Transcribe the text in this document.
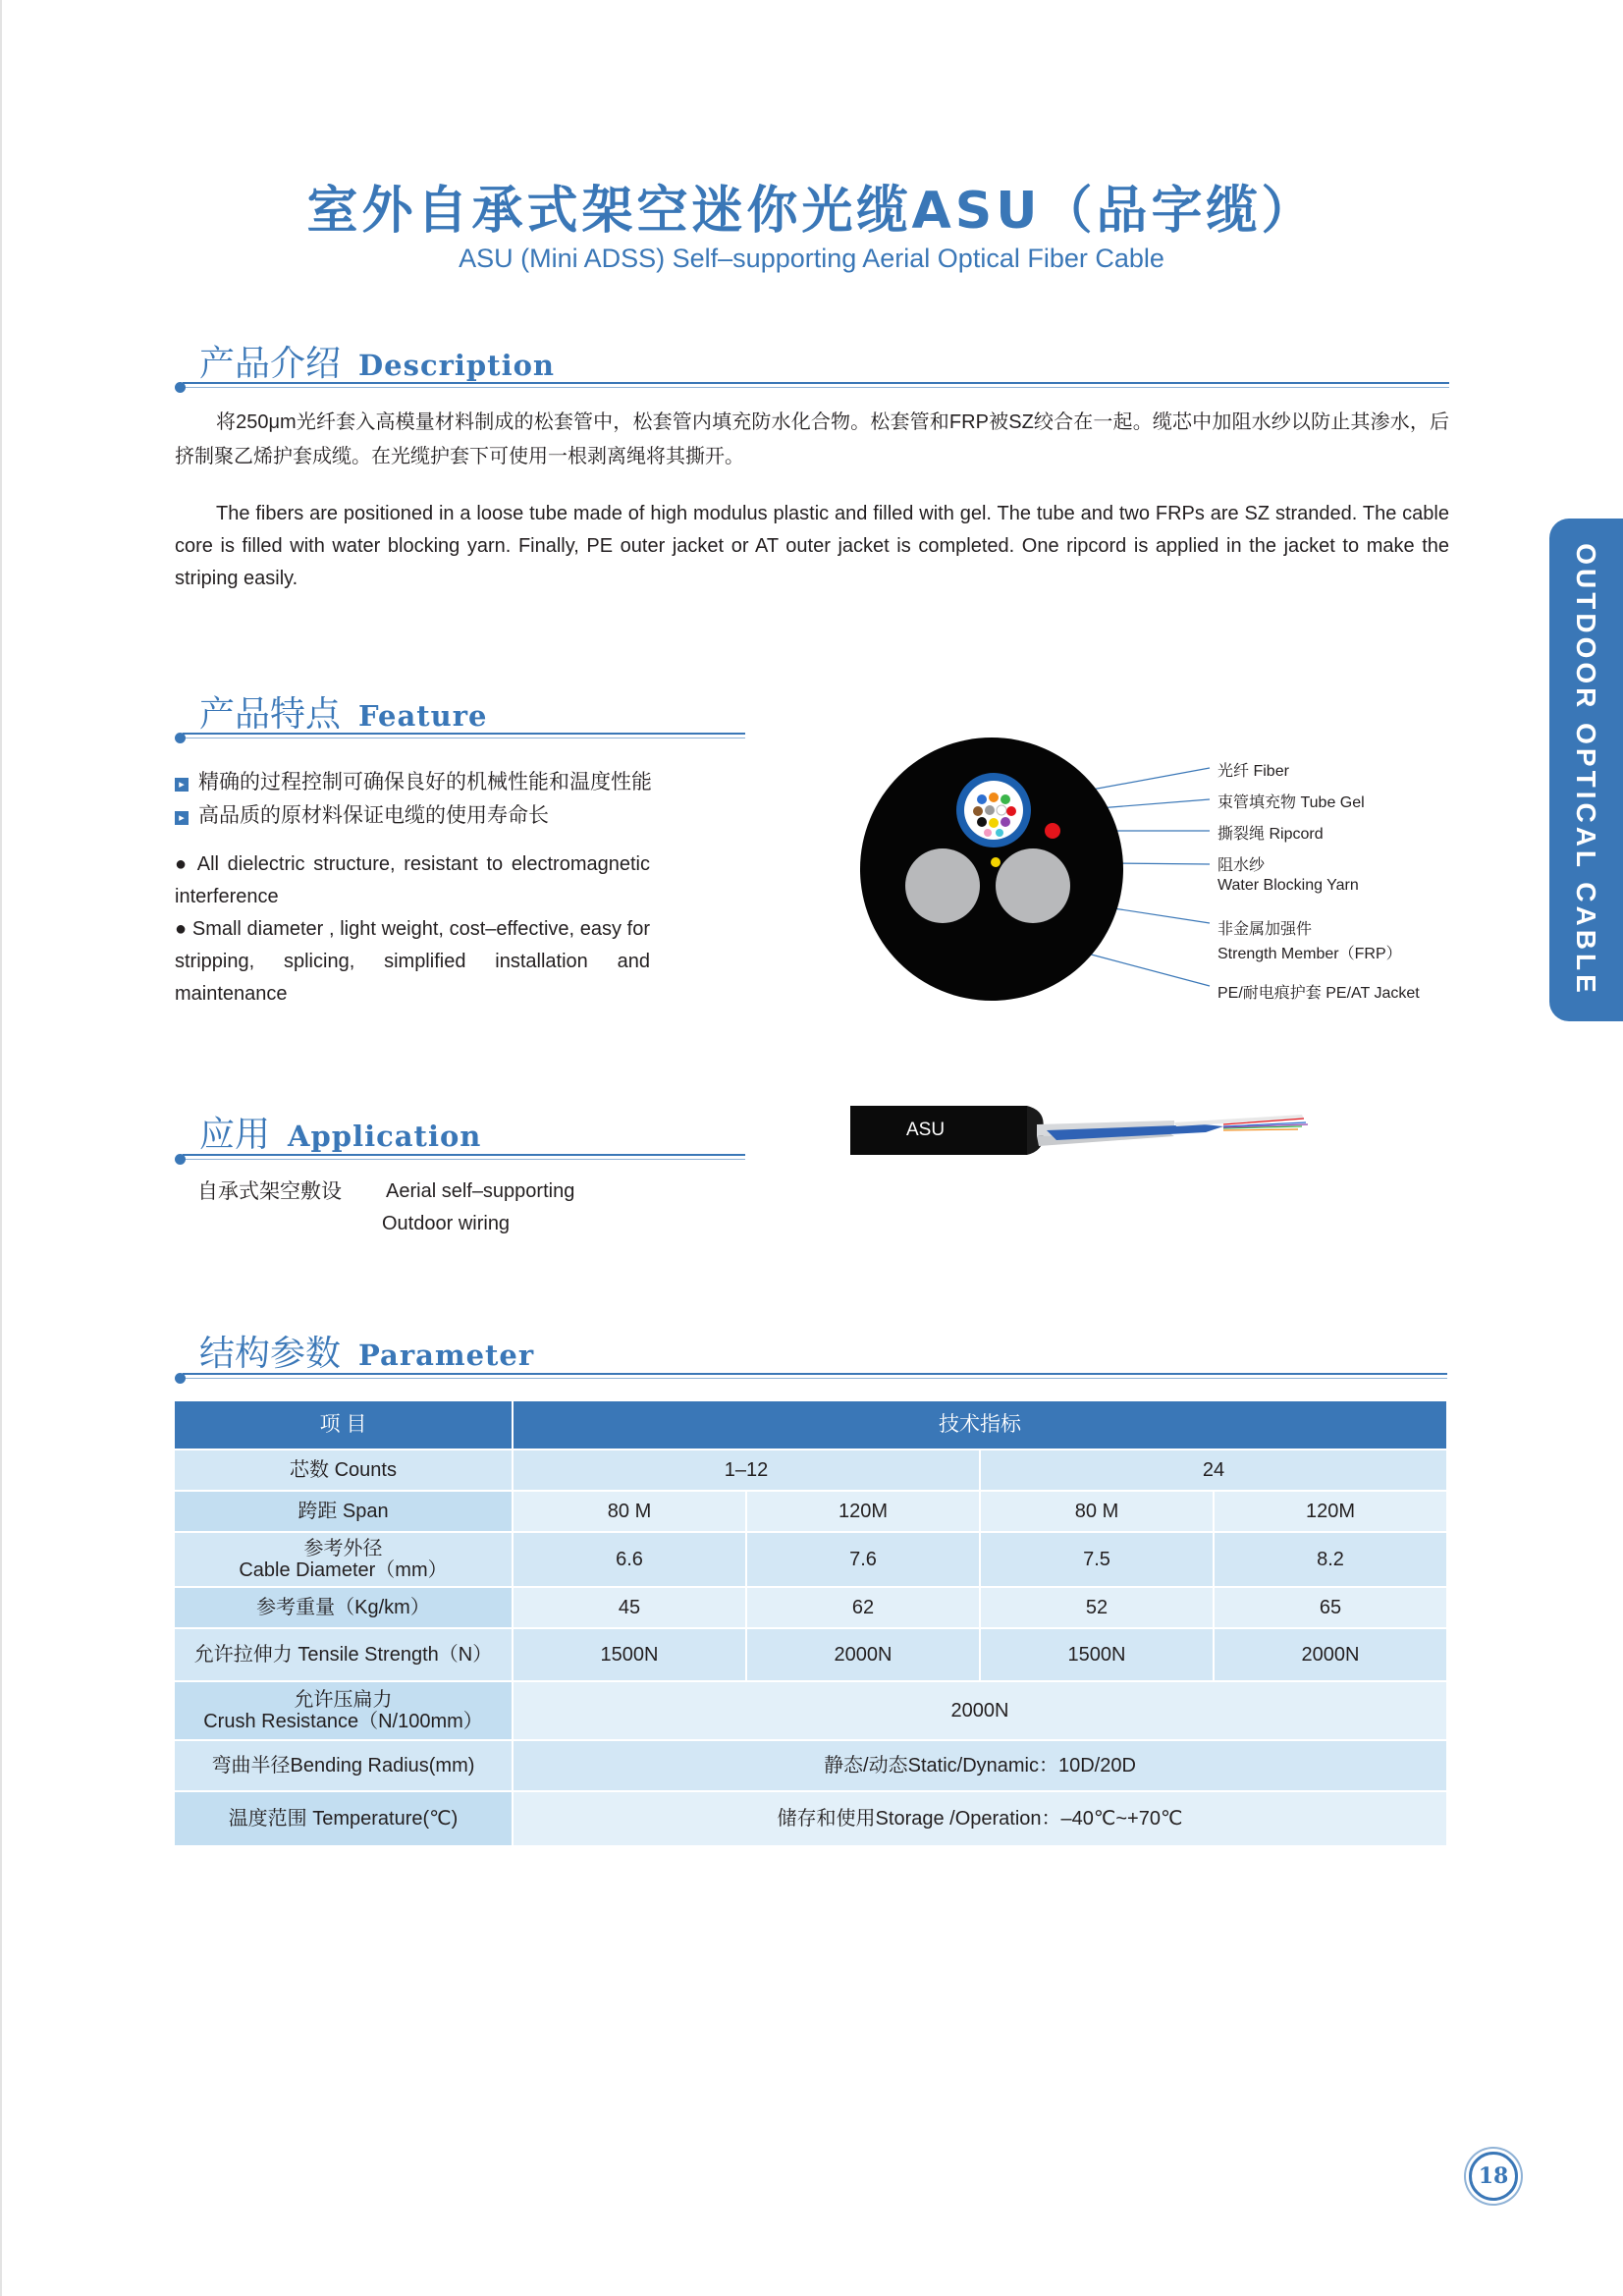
室外自承式架空迷你光缆ASU（品字缆）
ASU (Mini ADSS) Self–supporting Aerial Optical Fiber Cable
OUTDOOR OPTICAL CABLE
产品介绍 Description
将250μm光纤套入高模量材料制成的松套管中，松套管内填充防水化合物。松套管和FRP被SZ绞合在一起。缆芯中加阻水纱以防止其渗水，后挤制聚乙烯护套成缆。在光缆护套下可使用一根剥离绳将其撕开。
The fibers are positioned in a loose tube made of high modulus plastic and filled with gel. The tube and two FRPs are SZ stranded. The cable core is filled with water blocking yarn. Finally, PE outer jacket or AT outer jacket is completed. One ripcord is applied in the jacket to make the striping easily.
产品特点 Feature
▸ 精确的过程控制可确保良好的机械性能和温度性能
▸ 高品质的原材料保证电缆的使用寿命长
● All dielectric structure, resistant to electromagnetic interference
● Small diameter , light weight, cost–effective, easy for stripping, splicing, simplified installation and maintenance
光纤 Fiber
束管填充物 Tube Gel
撕裂绳 Ripcord
阻水纱
Water Blocking Yarn
非金属加强件
Strength Member（FRP）
PE/耐电痕护套 PE/AT Jacket
应用 Application
自承式架空敷设 Aerial self–supporting
Outdoor wiring
ASU
结构参数 Parameter
项 目	技术指标			
芯数 Counts	1–12		24	
跨距 Span	80 M	120M	80 M	120M

参考外径
Cable Diameter（mm）	6.6	7.6	7.5	8.2
参考重量（Kg/km）	45	62	52	65
允许拉伸力 Tensile Strength（N）	1500N	2000N	1500N	2000N

允许压扁力
Crush Resistance（N/100mm）	2000N			
弯曲半径Bending Radius(mm)	静态/动态Static/Dynamic：10D/20D			
温度范围 Temperature(℃)	储存和使用Storage /Operation：–40℃~+70℃			
18
